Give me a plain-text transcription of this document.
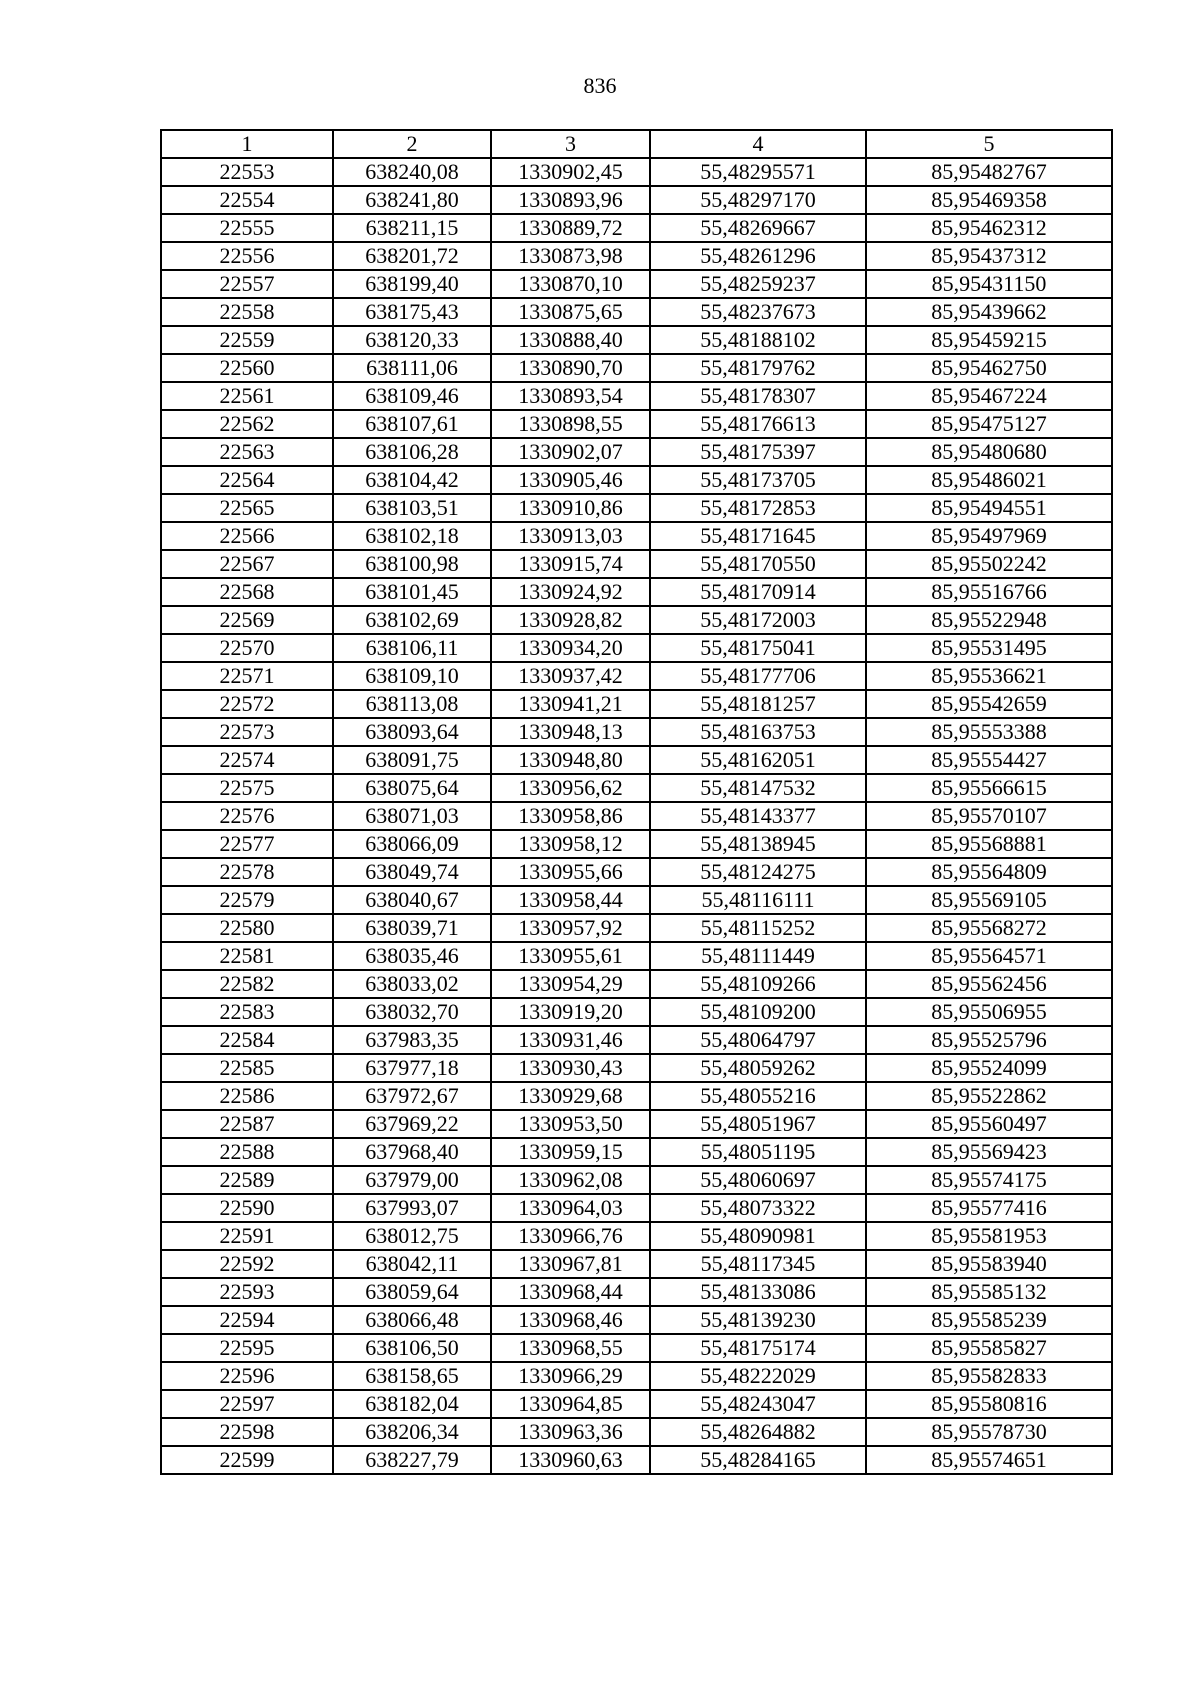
836
1	2	3	4	5
22553	638240,08	1330902,45	55,48295571	85,95482767
22554	638241,80	1330893,96	55,48297170	85,95469358
22555	638211,15	1330889,72	55,48269667	85,95462312
22556	638201,72	1330873,98	55,48261296	85,95437312
22557	638199,40	1330870,10	55,48259237	85,95431150
22558	638175,43	1330875,65	55,48237673	85,95439662
22559	638120,33	1330888,40	55,48188102	85,95459215
22560	638111,06	1330890,70	55,48179762	85,95462750
22561	638109,46	1330893,54	55,48178307	85,95467224
22562	638107,61	1330898,55	55,48176613	85,95475127
22563	638106,28	1330902,07	55,48175397	85,95480680
22564	638104,42	1330905,46	55,48173705	85,95486021
22565	638103,51	1330910,86	55,48172853	85,95494551
22566	638102,18	1330913,03	55,48171645	85,95497969
22567	638100,98	1330915,74	55,48170550	85,95502242
22568	638101,45	1330924,92	55,48170914	85,95516766
22569	638102,69	1330928,82	55,48172003	85,95522948
22570	638106,11	1330934,20	55,48175041	85,95531495
22571	638109,10	1330937,42	55,48177706	85,95536621
22572	638113,08	1330941,21	55,48181257	85,95542659
22573	638093,64	1330948,13	55,48163753	85,95553388
22574	638091,75	1330948,80	55,48162051	85,95554427
22575	638075,64	1330956,62	55,48147532	85,95566615
22576	638071,03	1330958,86	55,48143377	85,95570107
22577	638066,09	1330958,12	55,48138945	85,95568881
22578	638049,74	1330955,66	55,48124275	85,95564809
22579	638040,67	1330958,44	55,48116111	85,95569105
22580	638039,71	1330957,92	55,48115252	85,95568272
22581	638035,46	1330955,61	55,48111449	85,95564571
22582	638033,02	1330954,29	55,48109266	85,95562456
22583	638032,70	1330919,20	55,48109200	85,95506955
22584	637983,35	1330931,46	55,48064797	85,95525796
22585	637977,18	1330930,43	55,48059262	85,95524099
22586	637972,67	1330929,68	55,48055216	85,95522862
22587	637969,22	1330953,50	55,48051967	85,95560497
22588	637968,40	1330959,15	55,48051195	85,95569423
22589	637979,00	1330962,08	55,48060697	85,95574175
22590	637993,07	1330964,03	55,48073322	85,95577416
22591	638012,75	1330966,76	55,48090981	85,95581953
22592	638042,11	1330967,81	55,48117345	85,95583940
22593	638059,64	1330968,44	55,48133086	85,95585132
22594	638066,48	1330968,46	55,48139230	85,95585239
22595	638106,50	1330968,55	55,48175174	85,95585827
22596	638158,65	1330966,29	55,48222029	85,95582833
22597	638182,04	1330964,85	55,48243047	85,95580816
22598	638206,34	1330963,36	55,48264882	85,95578730
22599	638227,79	1330960,63	55,48284165	85,95574651
